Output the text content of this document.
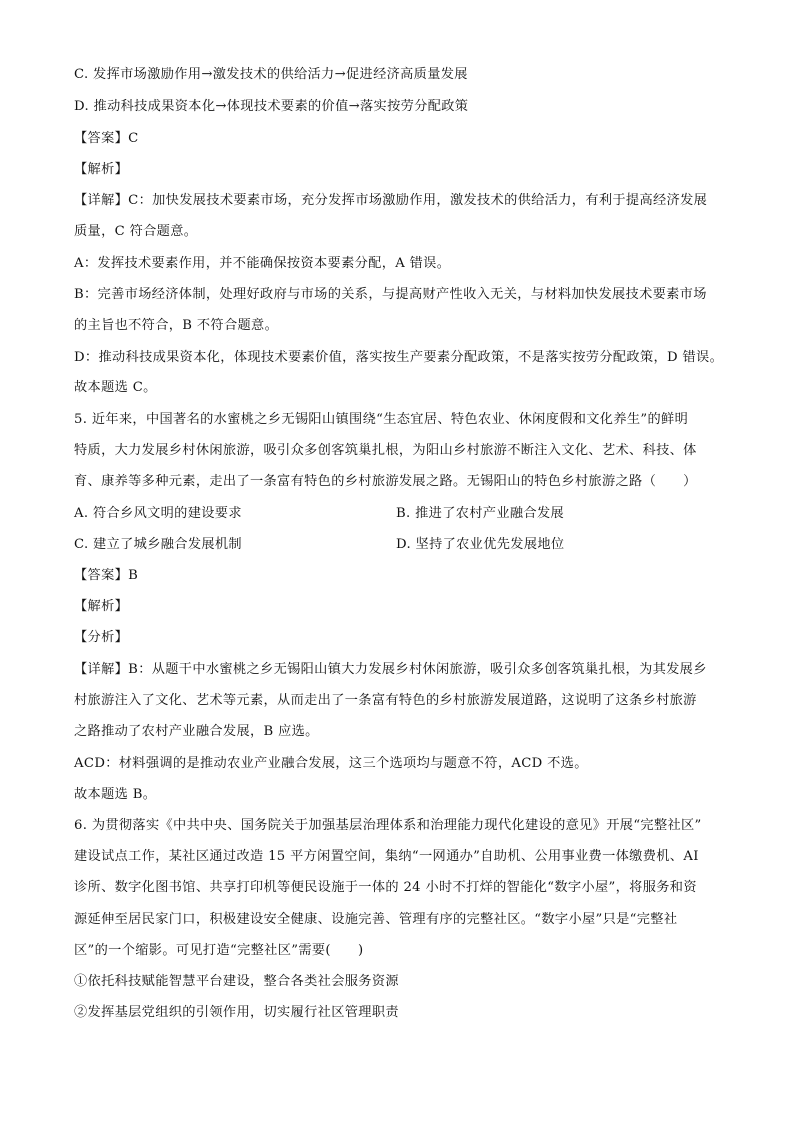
C. 发挥市场激励作用→激发技术的供给活力→促进经济高质量发展
D. 推动科技成果资本化→体现技术要素的价值→落实按劳分配政策
【答案】C
【解析】
【详解】C：加快发展技术要素市场，充分发挥市场激励作用，激发技术的供给活力，有利于提高经济发展
质量，C 符合题意。
A：发挥技术要素作用，并不能确保按资本要素分配，A 错误。
B：完善市场经济体制，处理好政府与市场的关系，与提高财产性收入无关，与材料加快发展技术要素市场
的主旨也不符合，B 不符合题意。
D：推动科技成果资本化，体现技术要素价值，落实按生产要素分配政策，不是落实按劳分配政策，D 错误。
故本题选 C。
5. 近年来，中国著名的水蜜桃之乡无锡阳山镇围绕“生态宜居、特色农业、休闲度假和文化养生”的鲜明
特质，大力发展乡村休闲旅游，吸引众多创客筑巢扎根，为阳山乡村旅游不断注入文化、艺术、科技、体
育、康养等多种元素，走出了一条富有特色的乡村旅游发展之路。无锡阳山的特色乡村旅游之路（　　）
A. 符合乡风文明的建设要求	B. 推进了农村产业融合发展
C. 建立了城乡融合发展机制	D. 坚持了农业优先发展地位
【答案】B
【解析】
【分析】
【详解】B：从题干中水蜜桃之乡无锡阳山镇大力发展乡村休闲旅游，吸引众多创客筑巢扎根，为其发展乡
村旅游注入了文化、艺术等元素，从而走出了一条富有特色的乡村旅游发展道路，这说明了这条乡村旅游
之路推动了农村产业融合发展，B 应选。
ACD：材料强调的是推动农业产业融合发展，这三个选项均与题意不符，ACD 不选。
故本题选 B。
6. 为贯彻落实《中共中央、国务院关于加强基层治理体系和治理能力现代化建设的意见》开展“完整社区”
建设试点工作，某社区通过改造 15 平方闲置空间，集纳“一网通办”自助机、公用事业费一体缴费机、AI
诊所、数字化图书馆、共享打印机等便民设施于一体的 24 小时不打烊的智能化“数字小屋”，将服务和资
源延伸至居民家门口，积极建设安全健康、设施完善、管理有序的完整社区。“数字小屋”只是“完整社
区”的一个缩影。可见打造“完整社区”需要(　　)
①依托科技赋能智慧平台建设，整合各类社会服务资源
②发挥基层党组织的引领作用，切实履行社区管理职责
